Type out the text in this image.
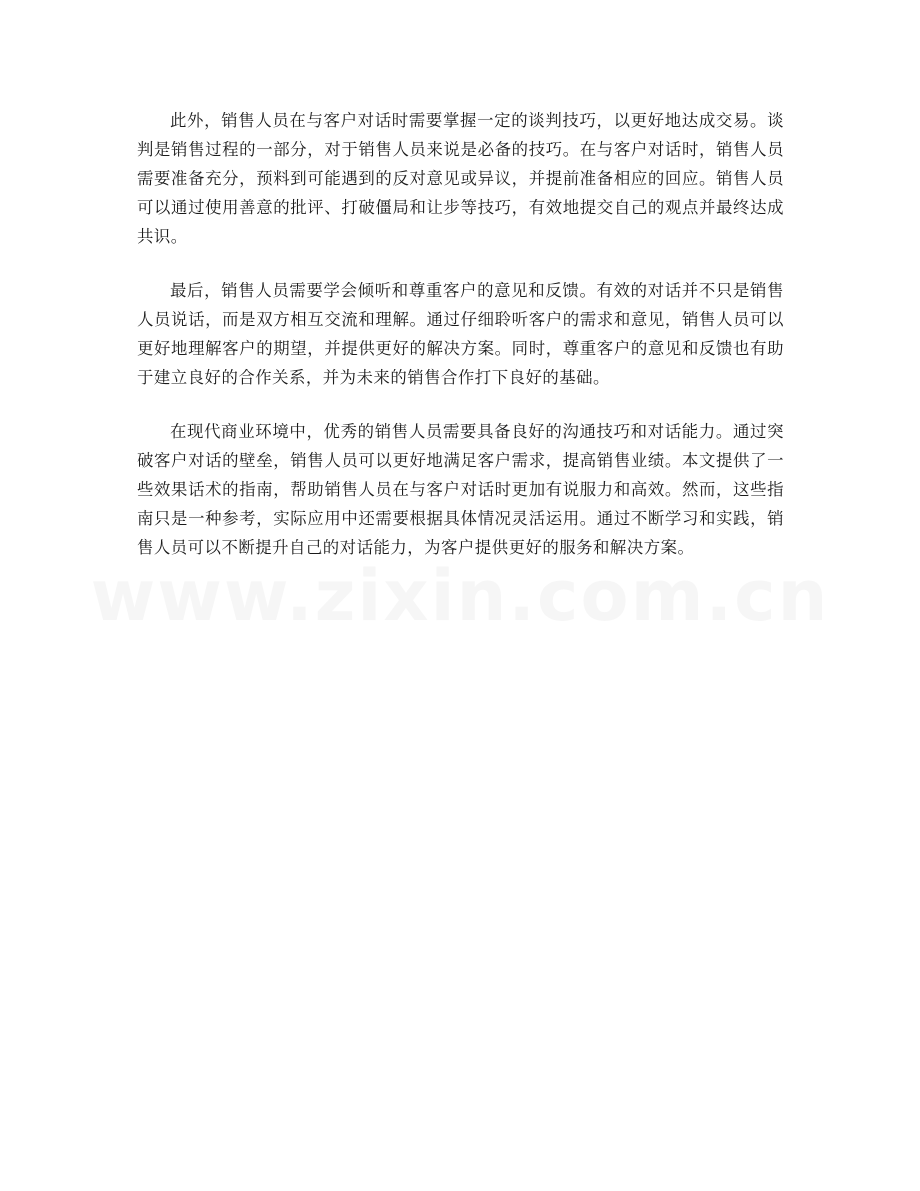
此外，销售人员在与客户对话时需要掌握一定的谈判技巧，以更好地达成交易。谈判是销售过程的一部分，对于销售人员来说是必备的技巧。在与客户对话时，销售人员需要准备充分，预料到可能遇到的反对意见或异议，并提前准备相应的回应。销售人员可以通过使用善意的批评、打破僵局和让步等技巧，有效地提交自己的观点并最终达成共识。

最后，销售人员需要学会倾听和尊重客户的意见和反馈。有效的对话并不只是销售人员说话，而是双方相互交流和理解。通过仔细聆听客户的需求和意见，销售人员可以更好地理解客户的期望，并提供更好的解决方案。同时，尊重客户的意见和反馈也有助于建立良好的合作关系，并为未来的销售合作打下良好的基础。

在现代商业环境中，优秀的销售人员需要具备良好的沟通技巧和对话能力。通过突破客户对话的壁垒，销售人员可以更好地满足客户需求，提高销售业绩。本文提供了一些效果话术的指南，帮助销售人员在与客户对话时更加有说服力和高效。然而，这些指南只是一种参考，实际应用中还需要根据具体情况灵活运用。通过不断学习和实践，销售人员可以不断提升自己的对话能力，为客户提供更好的服务和解决方案。

www.zixin.com.cn
